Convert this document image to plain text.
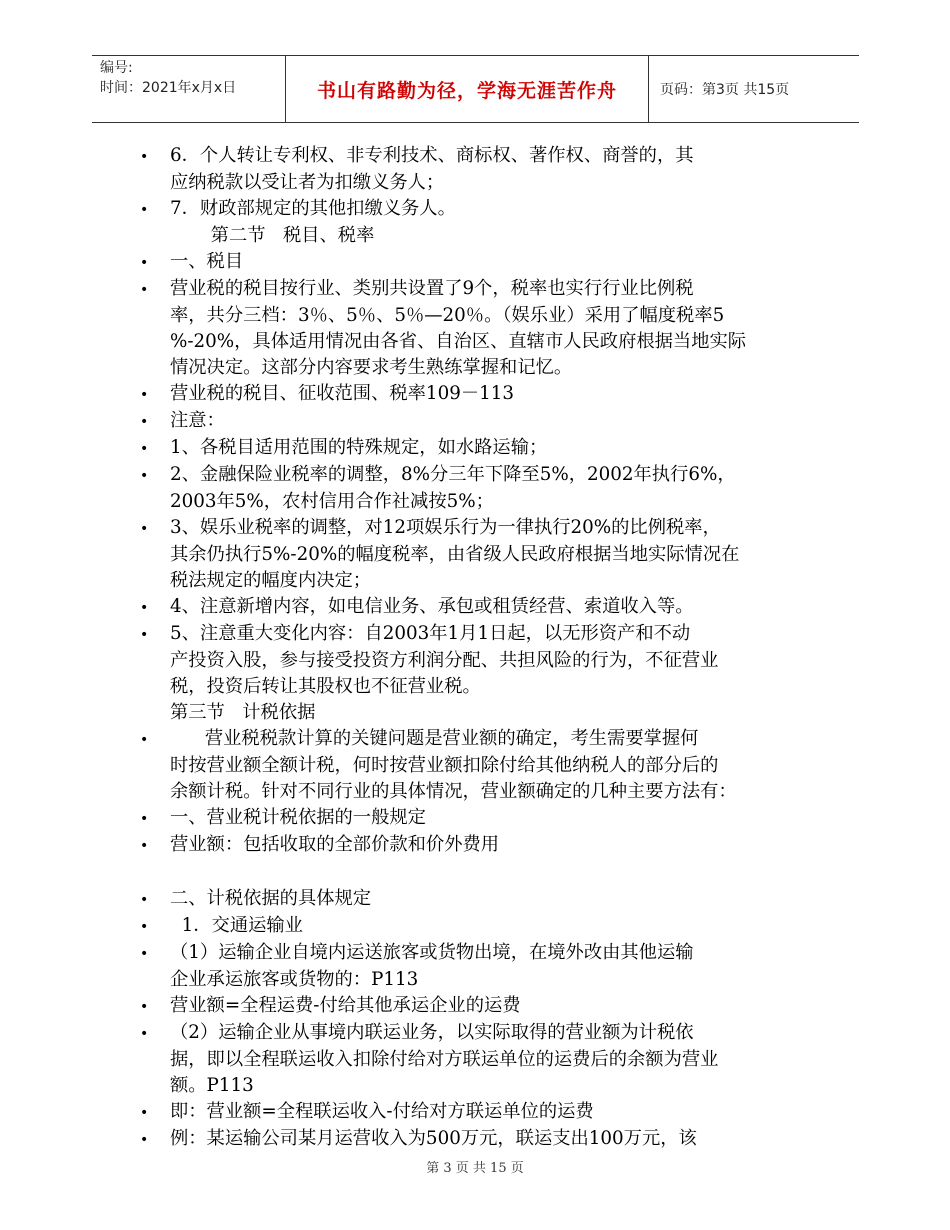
编号:
时间：2021年x月x日	书山有路勤为径，学海无涯苦作舟	页码：第3页 共15页
• 6．个人转让专利权、非专利技术、商标权、著作权、商誉的，其
应纳税款以受让者为扣缴义务人；
• 7．财政部规定的其他扣缴义务人。
第二节   税目、税率
• 一、税目
• 营业税的税目按行业、类别共设置了9个，税率也实行行业比例税
率，共分三档：3％、5％、5％—20％。（娱乐业）采用了幅度税率5
%-20%，具体适用情况由各省、自治区、直辖市人民政府根据当地实际
情况决定。这部分内容要求考生熟练掌握和记忆。
• 营业税的税目、征收范围、税率109－113
• 注意：
• 1、各税目适用范围的特殊规定，如水路运输；
• 2、金融保险业税率的调整，8%分三年下降至5%，2002年执行6%，
2003年5%，农村信用合作社减按5%；
• 3、娱乐业税率的调整，对12项娱乐行为一律执行20%的比例税率，
其余仍执行5%-20%的幅度税率，由省级人民政府根据当地实际情况在
税法规定的幅度内决定；
• 4、注意新增内容，如电信业务、承包或租赁经营、索道收入等。
• 5、注意重大变化内容：自2003年1月1日起，以无形资产和不动
产投资入股，参与接受投资方利润分配、共担风险的行为，不征营业
税，投资后转让其股权也不征营业税。
第三节   计税依据
•      营业税税款计算的关键问题是营业额的确定，考生需要掌握何
时按营业额全额计税，何时按营业额扣除付给其他纳税人的部分后的
余额计税。针对不同行业的具体情况，营业额确定的几种主要方法有：
• 一、营业税计税依据的一般规定
• 营业额：包括收取的全部价款和价外费用
• 二、计税依据的具体规定
•  1．交通运输业
• （1）运输企业自境内运送旅客或货物出境，在境外改由其他运输
企业承运旅客或货物的：P113
• 营业额=全程运费-付给其他承运企业的运费
• （2）运输企业从事境内联运业务，以实际取得的营业额为计税依
据，即以全程联运收入扣除付给对方联运单位的运费后的余额为营业
额。P113
• 即：营业额=全程联运收入-付给对方联运单位的运费
• 例：某运输公司某月运营收入为500万元，联运支出100万元，该
第 3 页 共 15 页
